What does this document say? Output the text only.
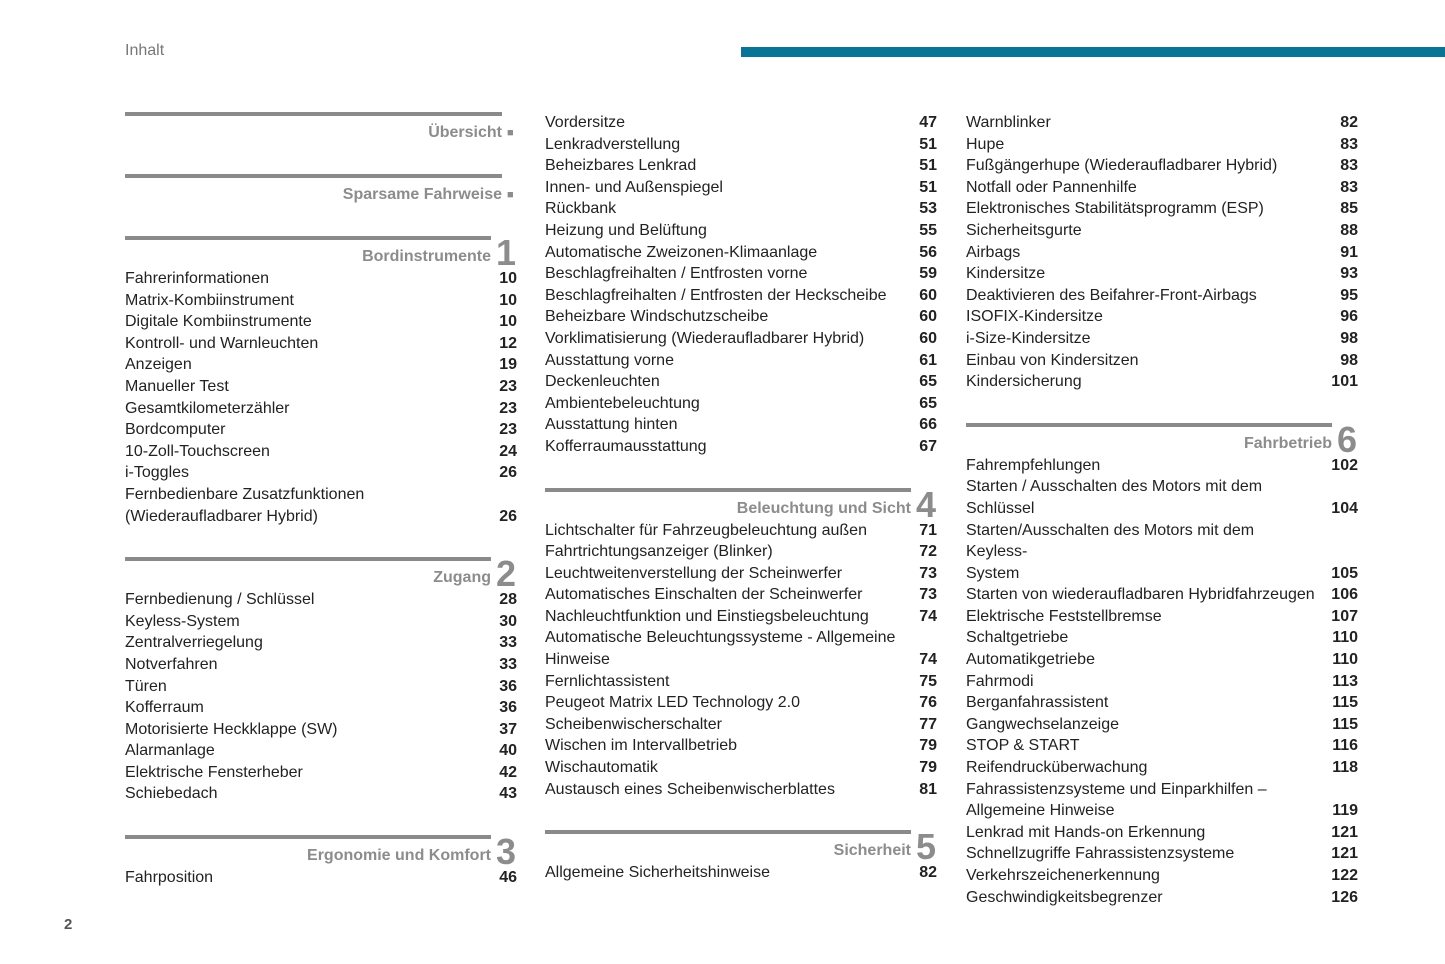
Inhalt
Übersicht ■
Sparsame Fahrweise ■
Bordinstrumente 1
Fahrerinformationen	10
Matrix-Kombiinstrument	10
Digitale Kombiinstrumente	10
Kontroll- und Warnleuchten	12
Anzeigen	19
Manueller Test	23
Gesamtkilometerzähler	23
Bordcomputer	23
10-Zoll-Touchscreen	24
i-Toggles	26
Fernbedienbare Zusatzfunktionen
(Wiederaufladbarer Hybrid)	26
Zugang 2
Fernbedienung / Schlüssel	28
Keyless-System	30
Zentralverriegelung	33
Notverfahren	33
Türen	36
Kofferraum	36
Motorisierte Heckklappe (SW)	37
Alarmanlage	40
Elektrische Fensterheber	42
Schiebedach	43
Ergonomie und Komfort 3
Fahrposition	46
Vordersitze	47
Lenkradverstellung	51
Beheizbares Lenkrad	51
Innen- und Außenspiegel	51
Rückbank	53
Heizung und Belüftung	55
Automatische Zweizonen-Klimaanlage	56
Beschlagfreihalten / Entfrosten vorne	59
Beschlagfreihalten / Entfrosten der Heckscheibe	60
Beheizbare Windschutzscheibe	60
Vorklimatisierung (Wiederaufladbarer Hybrid)	60
Ausstattung vorne	61
Deckenleuchten	65
Ambientebeleuchtung	65
Ausstattung hinten	66
Kofferraumausstattung	67
Beleuchtung und Sicht 4
Lichtschalter für Fahrzeugbeleuchtung außen	71
Fahrtrichtungsanzeiger (Blinker)	72
Leuchtweitenverstellung der Scheinwerfer	73
Automatisches Einschalten der Scheinwerfer	73
Nachleuchtfunktion und Einstiegsbeleuchtung	74
Automatische Beleuchtungssysteme - Allgemeine
Hinweise	74
Fernlichtassistent	75
Peugeot Matrix LED Technology 2.0	76
Scheibenwischerschalter	77
Wischen im Intervallbetrieb	79
Wischautomatik	79
Austausch eines Scheibenwischerblattes	81
Sicherheit 5
Allgemeine Sicherheitshinweise	82
Warnblinker	82
Hupe	83
Fußgängerhupe (Wiederaufladbarer Hybrid)	83
Notfall oder Pannenhilfe	83
Elektronisches Stabilitätsprogramm (ESP)	85
Sicherheitsgurte	88
Airbags	91
Kindersitze	93
Deaktivieren des Beifahrer-Front-Airbags	95
ISOFIX-Kindersitze	96
i-Size-Kindersitze	98
Einbau von Kindersitzen	98
Kindersicherung	101
Fahrbetrieb 6
Fahrempfehlungen	102
Starten / Ausschalten des Motors mit dem
Schlüssel	104
Starten/Ausschalten des Motors mit dem Keyless-
System	105
Starten von wiederaufladbaren Hybridfahrzeugen	106
Elektrische Feststellbremse	107
Schaltgetriebe	110
Automatikgetriebe	110
Fahrmodi	113
Berganfahrassistent	115
Gangwechselanzeige	115
STOP & START	116
Reifendrucküberwachung	118
Fahrassistenzsysteme und Einparkhilfen –
Allgemeine Hinweise	119
Lenkrad mit Hands-on Erkennung	121
Schnellzugriffe Fahrassistenzsysteme	121
Verkehrszeichenerkennung	122
Geschwindigkeitsbegrenzer	126
2
